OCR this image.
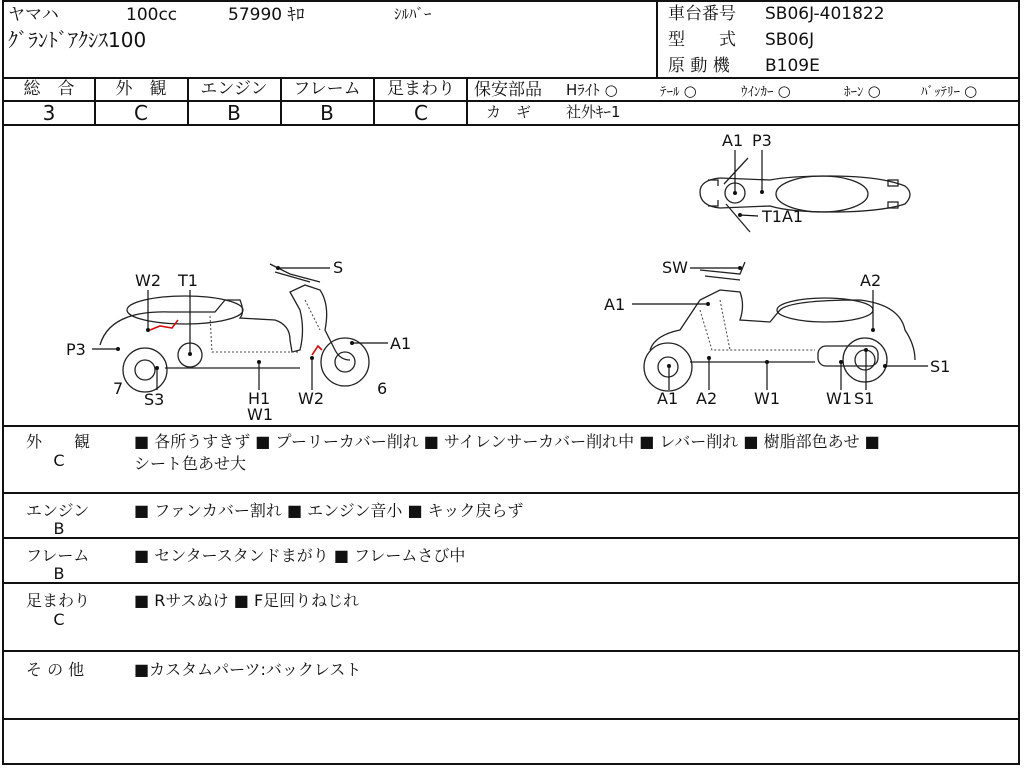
ヤマハ	100cc	57990 ｷﾛ	ｼﾙﾊﾞｰ
ｸﾞﾗﾝﾄﾞｱｸｼｽ100
車台番号 SB06J-401822
型　　式 SB06J
原 動 機 B109E
総　合	外　観	エンジン フレーム 足まわり
3	C	B	B	C
保安部品 Hﾗｲﾄ ○	ﾃｰﾙ ○	ｳｲﾝｶｰ ○	ﾎｰﾝ ○	ﾊﾞｯﾃﾘｰ ○
カ　ギ 社外ｷｰ1
A1 P3
T1A1
W2 T1
S
P3	A1
7
S3	H1
W1
W2
6
SW
A2
A1
S1
A1 A2 W1	W1 S1
外　　観
C
■ 各所うすきず ■ プーリーカバー削れ ■ サイレンサーカバー削れ中 ■ レバー削れ ■ 樹脂部色あせ ■
シート色あせ大
エンジン
B
■ ファンカバー割れ ■ エンジン音小 ■ キック戻らず
フレーム
B
■ センタースタンドまがり ■ フレームさび中
足まわり
C
■ Rサスぬけ ■ F足回りねじれ
そ の 他	■カスタムパーツ:バックレスト
